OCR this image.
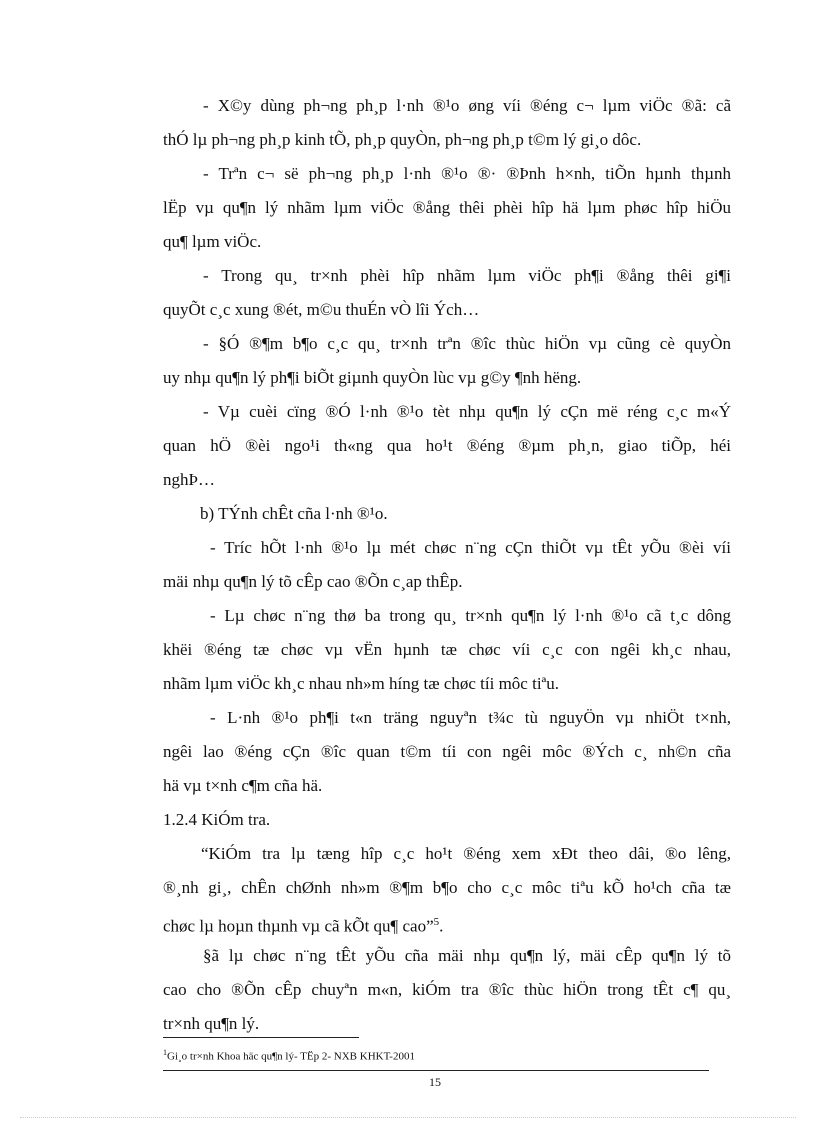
- X©y dùng ph¬ng ph¸p l·nh ®¹o øng víi ®éng c¬ lµm viÖc ®ã: cã
thÓ lµ ph¬ng ph¸p kinh tÕ, ph¸p quyÒn, ph¬ng ph¸p t©m lý gi¸o dôc.
- Trªn c¬ së ph¬ng ph¸p l·nh ®¹o ®· ®Þnh h×nh, tiÕn hµnh thµnh
lËp vµ qu¶n lý nhãm lµm viÖc ®ång thêi phèi hîp hä lµm phøc hîp hiÖu
qu¶ lµm viÖc.
- Trong qu¸ tr×nh phèi hîp nhãm lµm viÖc ph¶i ®ång thêi gi¶i
quyÕt c¸c xung ®ét, m©u thuÉn vÒ lîi Ých…
- §Ó ®¶m b¶o c¸c qu¸ tr×nh trªn ®îc thùc hiÖn vµ cũng cè quyÒn
uy nhµ qu¶n lý ph¶i biÕt giµnh quyÒn lùc vµ g©y ¶nh hëng.
- Vµ cuèi cïng ®Ó l·nh ®¹o tèt nhµ qu¶n lý cÇn më réng c¸c m«Ý
quan hÖ ®èi ngo¹i th«ng qua ho¹t ®éng ®µm ph¸n, giao tiÕp, héi
nghÞ…
b) TÝnh chÊt cña l·nh ®¹o.
- Tríc hÕt l·nh ®¹o lµ mét chøc n¨ng cÇn thiÕt vµ tÊt yÕu ®èi víi
mäi nhµ qu¶n lý tõ cÊp cao ®Õn c¸ap thÊp.
- Lµ chøc n¨ng thø ba trong qu¸ tr×nh qu¶n lý l·nh ®¹o cã t¸c dông
khëi ®éng tæ chøc vµ vËn hµnh tæ chøc víi c¸c con ngêi kh¸c nhau,
nhãm lµm viÖc kh¸c nhau nh»m híng tæ chøc tíi môc tiªu.
- L·nh ®¹o ph¶i t«n träng nguyªn t¾c tù nguyÖn vµ nhiÖt t×nh,
ngêi lao ®éng cÇn ®îc quan t©m tíi con ngêi môc ®Ých c¸ nh©n cña
hä vµ t×nh c¶m cña hä.
1.2.4 KiÓm tra.
“KiÓm tra lµ tæng hîp c¸c ho¹t ®éng xem xÐt theo dâi, ®o lêng,
®¸nh gi¸, chÊn chØnh nh»m ®¶m b¶o cho c¸c môc tiªu kÕ ho¹ch cña tæ
chøc lµ hoµn thµnh vµ cã kÕt qu¶ cao”$^5$.
§ã lµ chøc n¨ng tÊt yÕu cña mäi nhµ qu¶n lý, mäi cÊp qu¶n lý tõ
cao cho ®Õn cÊp chuyªn m«n, kiÓm tra ®îc thùc hiÖn trong tÊt c¶ qu¸
tr×nh qu¶n lý.
$^1$Gi¸o tr×nh Khoa häc qu¶n lý- TËp 2- NXB KHKT-2001
15
